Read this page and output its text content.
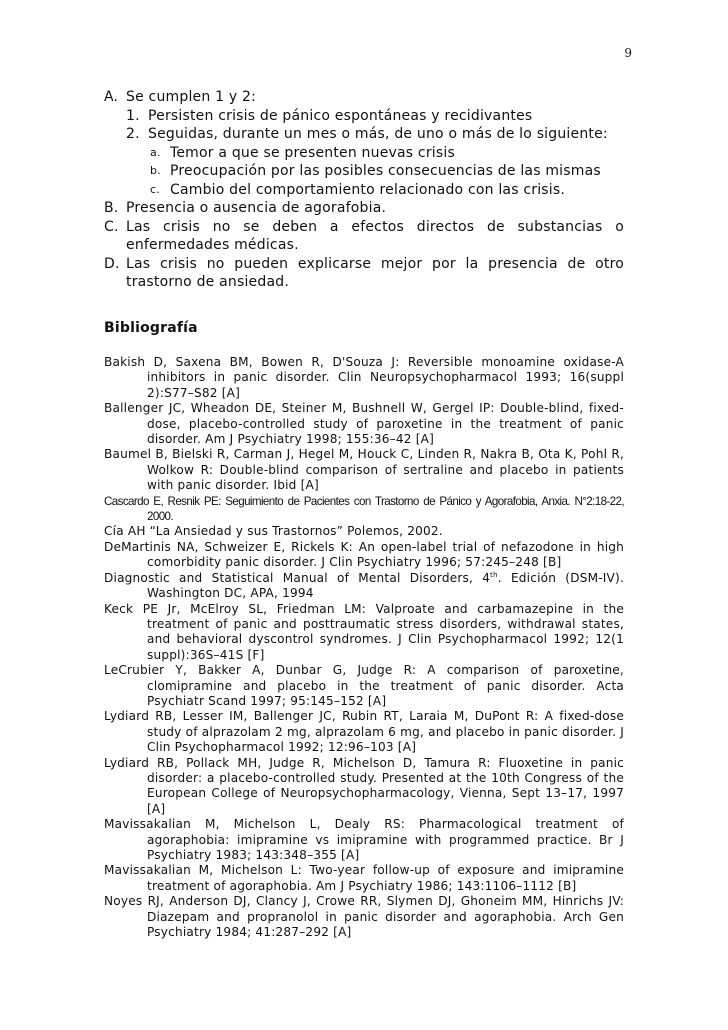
9
A. Se cumplen 1 y 2:
1. Persisten crisis de pánico espontáneas y recidivantes
2. Seguidas, durante un mes o más, de uno o más de lo siguiente:
a. Temor a que se presenten nuevas crisis
b. Preocupación por las posibles consecuencias de las mismas
c. Cambio del comportamiento relacionado con las crisis.
B. Presencia o ausencia de agorafobia.
C. Las crisis no se deben a efectos directos de substancias o enfermedades médicas.
D. Las crisis no pueden explicarse mejor por la presencia de otro trastorno de ansiedad.
Bibliografía
Bakish D, Saxena BM, Bowen R, D'Souza J: Reversible monoamine oxidase-A inhibitors in panic disorder. Clin Neuropsychopharmacol 1993; 16(suppl 2):S77–S82 [A]
Ballenger JC, Wheadon DE, Steiner M, Bushnell W, Gergel IP: Double-blind, fixed-dose, placebo-controlled study of paroxetine in the treatment of panic disorder. Am J Psychiatry 1998; 155:36–42 [A]
Baumel B, Bielski R, Carman J, Hegel M, Houck C, Linden R, Nakra B, Ota K, Pohl R, Wolkow R: Double-blind comparison of sertraline and placebo in patients with panic disorder. Ibid [A]
Cascardo E, Resnik PE: Seguimiento de Pacientes con Trastorno de Pánico y Agorafobia, Anxia. N°2:18-22, 2000.
Cía AH “La Ansiedad y sus Trastornos” Polemos, 2002.
DeMartinis NA, Schweizer E, Rickels K: An open-label trial of nefazodone in high comorbidity panic disorder. J Clin Psychiatry 1996; 57:245–248 [B]
Diagnostic and Statistical Manual of Mental Disorders, 4th. Edición (DSM-IV). Washington DC, APA, 1994
Keck PE Jr, McElroy SL, Friedman LM: Valproate and carbamazepine in the treatment of panic and posttraumatic stress disorders, withdrawal states, and behavioral dyscontrol syndromes. J Clin Psychopharmacol 1992; 12(1 suppl):36S–41S [F]
LeCrubier Y, Bakker A, Dunbar G, Judge R: A comparison of paroxetine, clomipramine and placebo in the treatment of panic disorder. Acta Psychiatr Scand 1997; 95:145–152 [A]
Lydiard RB, Lesser IM, Ballenger JC, Rubin RT, Laraia M, DuPont R: A fixed-dose study of alprazolam 2 mg, alprazolam 6 mg, and placebo in panic disorder. J Clin Psychopharmacol 1992; 12:96–103 [A]
Lydiard RB, Pollack MH, Judge R, Michelson D, Tamura R: Fluoxetine in panic disorder: a placebo-controlled study. Presented at the 10th Congress of the European College of Neuropsychopharmacology, Vienna, Sept 13–17, 1997 [A]
Mavissakalian M, Michelson L, Dealy RS: Pharmacological treatment of agoraphobia: imipramine vs imipramine with programmed practice. Br J Psychiatry 1983; 143:348–355 [A]
Mavissakalian M, Michelson L: Two-year follow-up of exposure and imipramine treatment of agoraphobia. Am J Psychiatry 1986; 143:1106–1112 [B]
Noyes RJ, Anderson DJ, Clancy J, Crowe RR, Slymen DJ, Ghoneim MM, Hinrichs JV: Diazepam and propranolol in panic disorder and agoraphobia. Arch Gen Psychiatry 1984; 41:287–292 [A]
